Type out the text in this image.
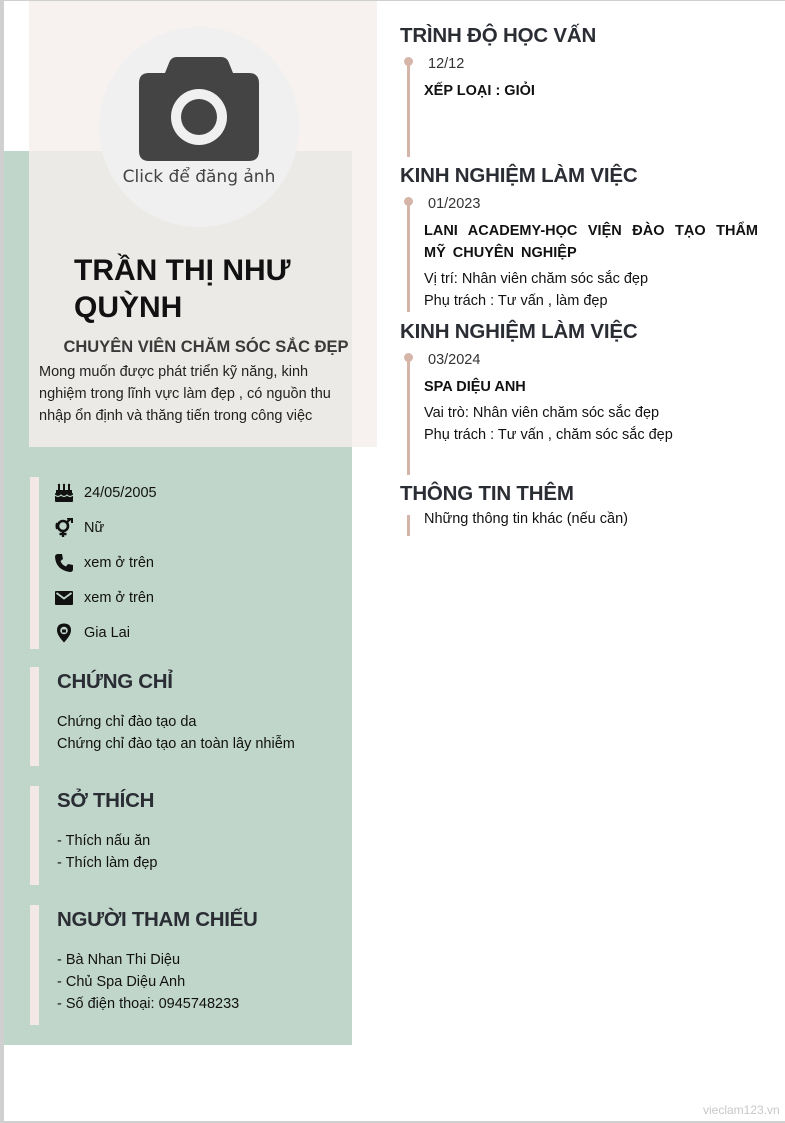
Click để đăng ảnh
TRẦN THỊ NHƯ QUỲNH
CHUYÊN VIÊN CHĂM SÓC SẮC ĐẸP
Mong muốn được phát triển kỹ năng, kinh nghiệm trong lĩnh vực làm đẹp , có nguồn thu nhập ổn định và thăng tiến trong công việc
24/05/2005
Nữ
xem ở trên
xem ở trên
Gia Lai
CHỨNG CHỈ
Chứng chỉ đào tạo da
Chứng chỉ đào tạo an toàn lây nhiễm
SỞ THÍCH
- Thích nấu ăn
- Thích làm đẹp
NGƯỜI THAM CHIẾU
- Bà Nhan Thi Diệu
- Chủ Spa Diệu Anh
- Số điện thoại: 0945748233
TRÌNH ĐỘ HỌC VẤN
12/12
XẾP LOẠI : GIỎI
KINH NGHIỆM LÀM VIỆC
01/2023
LANI ACADEMY-HỌC VIỆN ĐÀO TẠO THẨM MỸ CHUYÊN NGHIỆP
Vị trí: Nhân viên chăm sóc sắc đẹp
Phụ trách : Tư vấn , làm đẹp
KINH NGHIỆM LÀM VIỆC
03/2024
SPA DIỆU ANH
Vai trò: Nhân viên chăm sóc sắc đẹp
Phụ trách : Tư vấn , chăm sóc sắc đẹp
THÔNG TIN THÊM
Những thông tin khác (nếu cần)
vieclam123.vn
